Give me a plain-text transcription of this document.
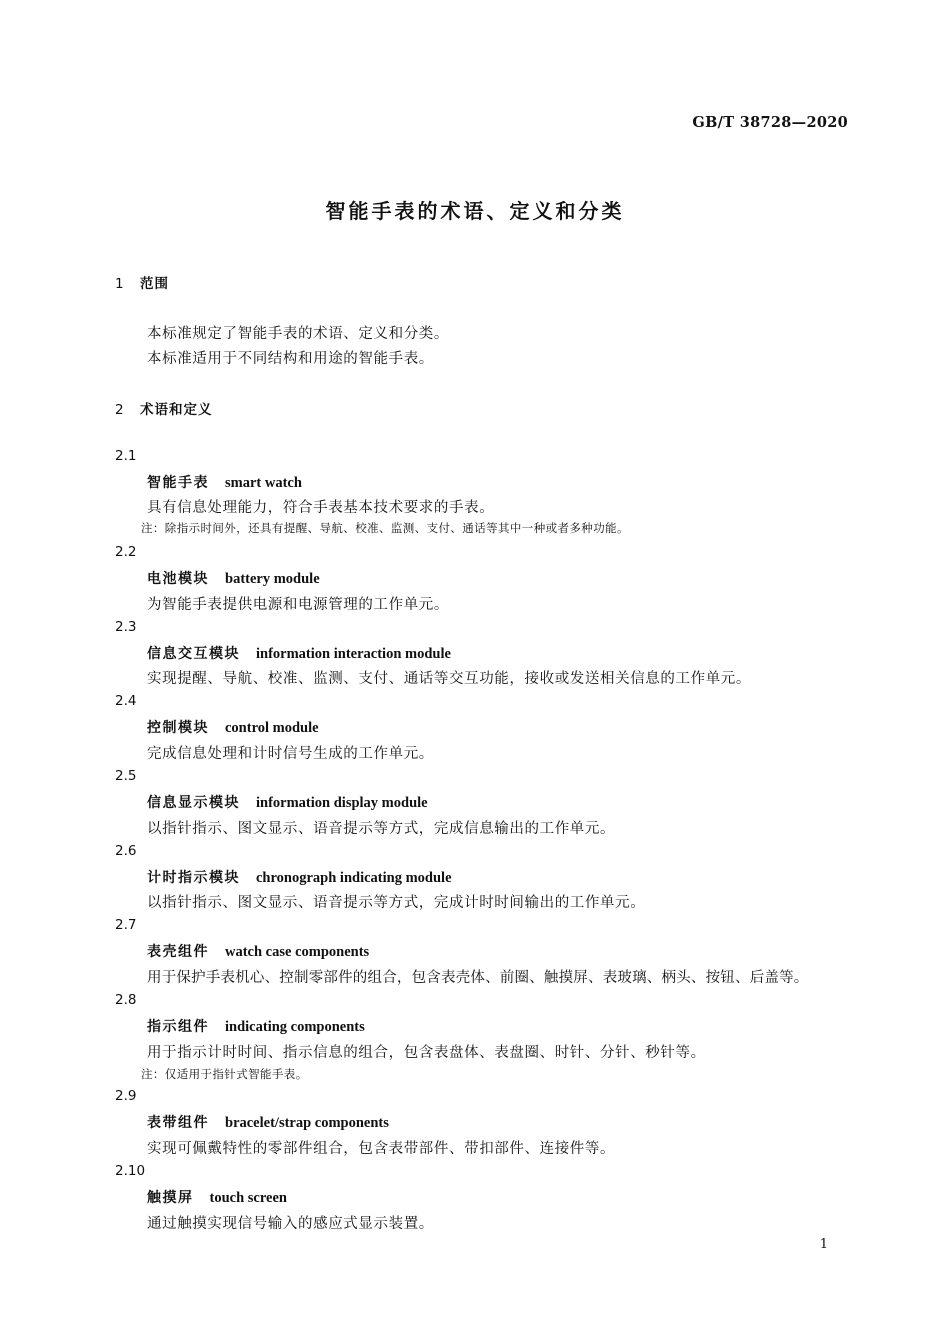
GB/T 38728—2020
智能手表的术语、定义和分类
1 范围
本标准规定了智能手表的术语、定义和分类。
本标准适用于不同结构和用途的智能手表。
2 术语和定义
2.1
智能手表 smart watch
具有信息处理能力，符合手表基本技术要求的手表。
注：除指示时间外，还具有提醒、导航、校准、监测、支付、通话等其中一种或者多种功能。
2.2
电池模块 battery module
为智能手表提供电源和电源管理的工作单元。
2.3
信息交互模块 information interaction module
实现提醒、导航、校准、监测、支付、通话等交互功能，接收或发送相关信息的工作单元。
2.4
控制模块 control module
完成信息处理和计时信号生成的工作单元。
2.5
信息显示模块 information display module
以指针指示、图文显示、语音提示等方式，完成信息输出的工作单元。
2.6
计时指示模块 chronograph indicating module
以指针指示、图文显示、语音提示等方式，完成计时时间输出的工作单元。
2.7
表壳组件 watch case components
用于保护手表机心、控制零部件的组合，包含表壳体、前圈、触摸屏、表玻璃、柄头、按钮、后盖等。
2.8
指示组件 indicating components
用于指示计时时间、指示信息的组合，包含表盘体、表盘圈、时针、分针、秒针等。
注：仅适用于指针式智能手表。
2.9
表带组件 bracelet/strap components
实现可佩戴特性的零部件组合，包含表带部件、带扣部件、连接件等。
2.10
触摸屏 touch screen
通过触摸实现信号输入的感应式显示装置。
1
